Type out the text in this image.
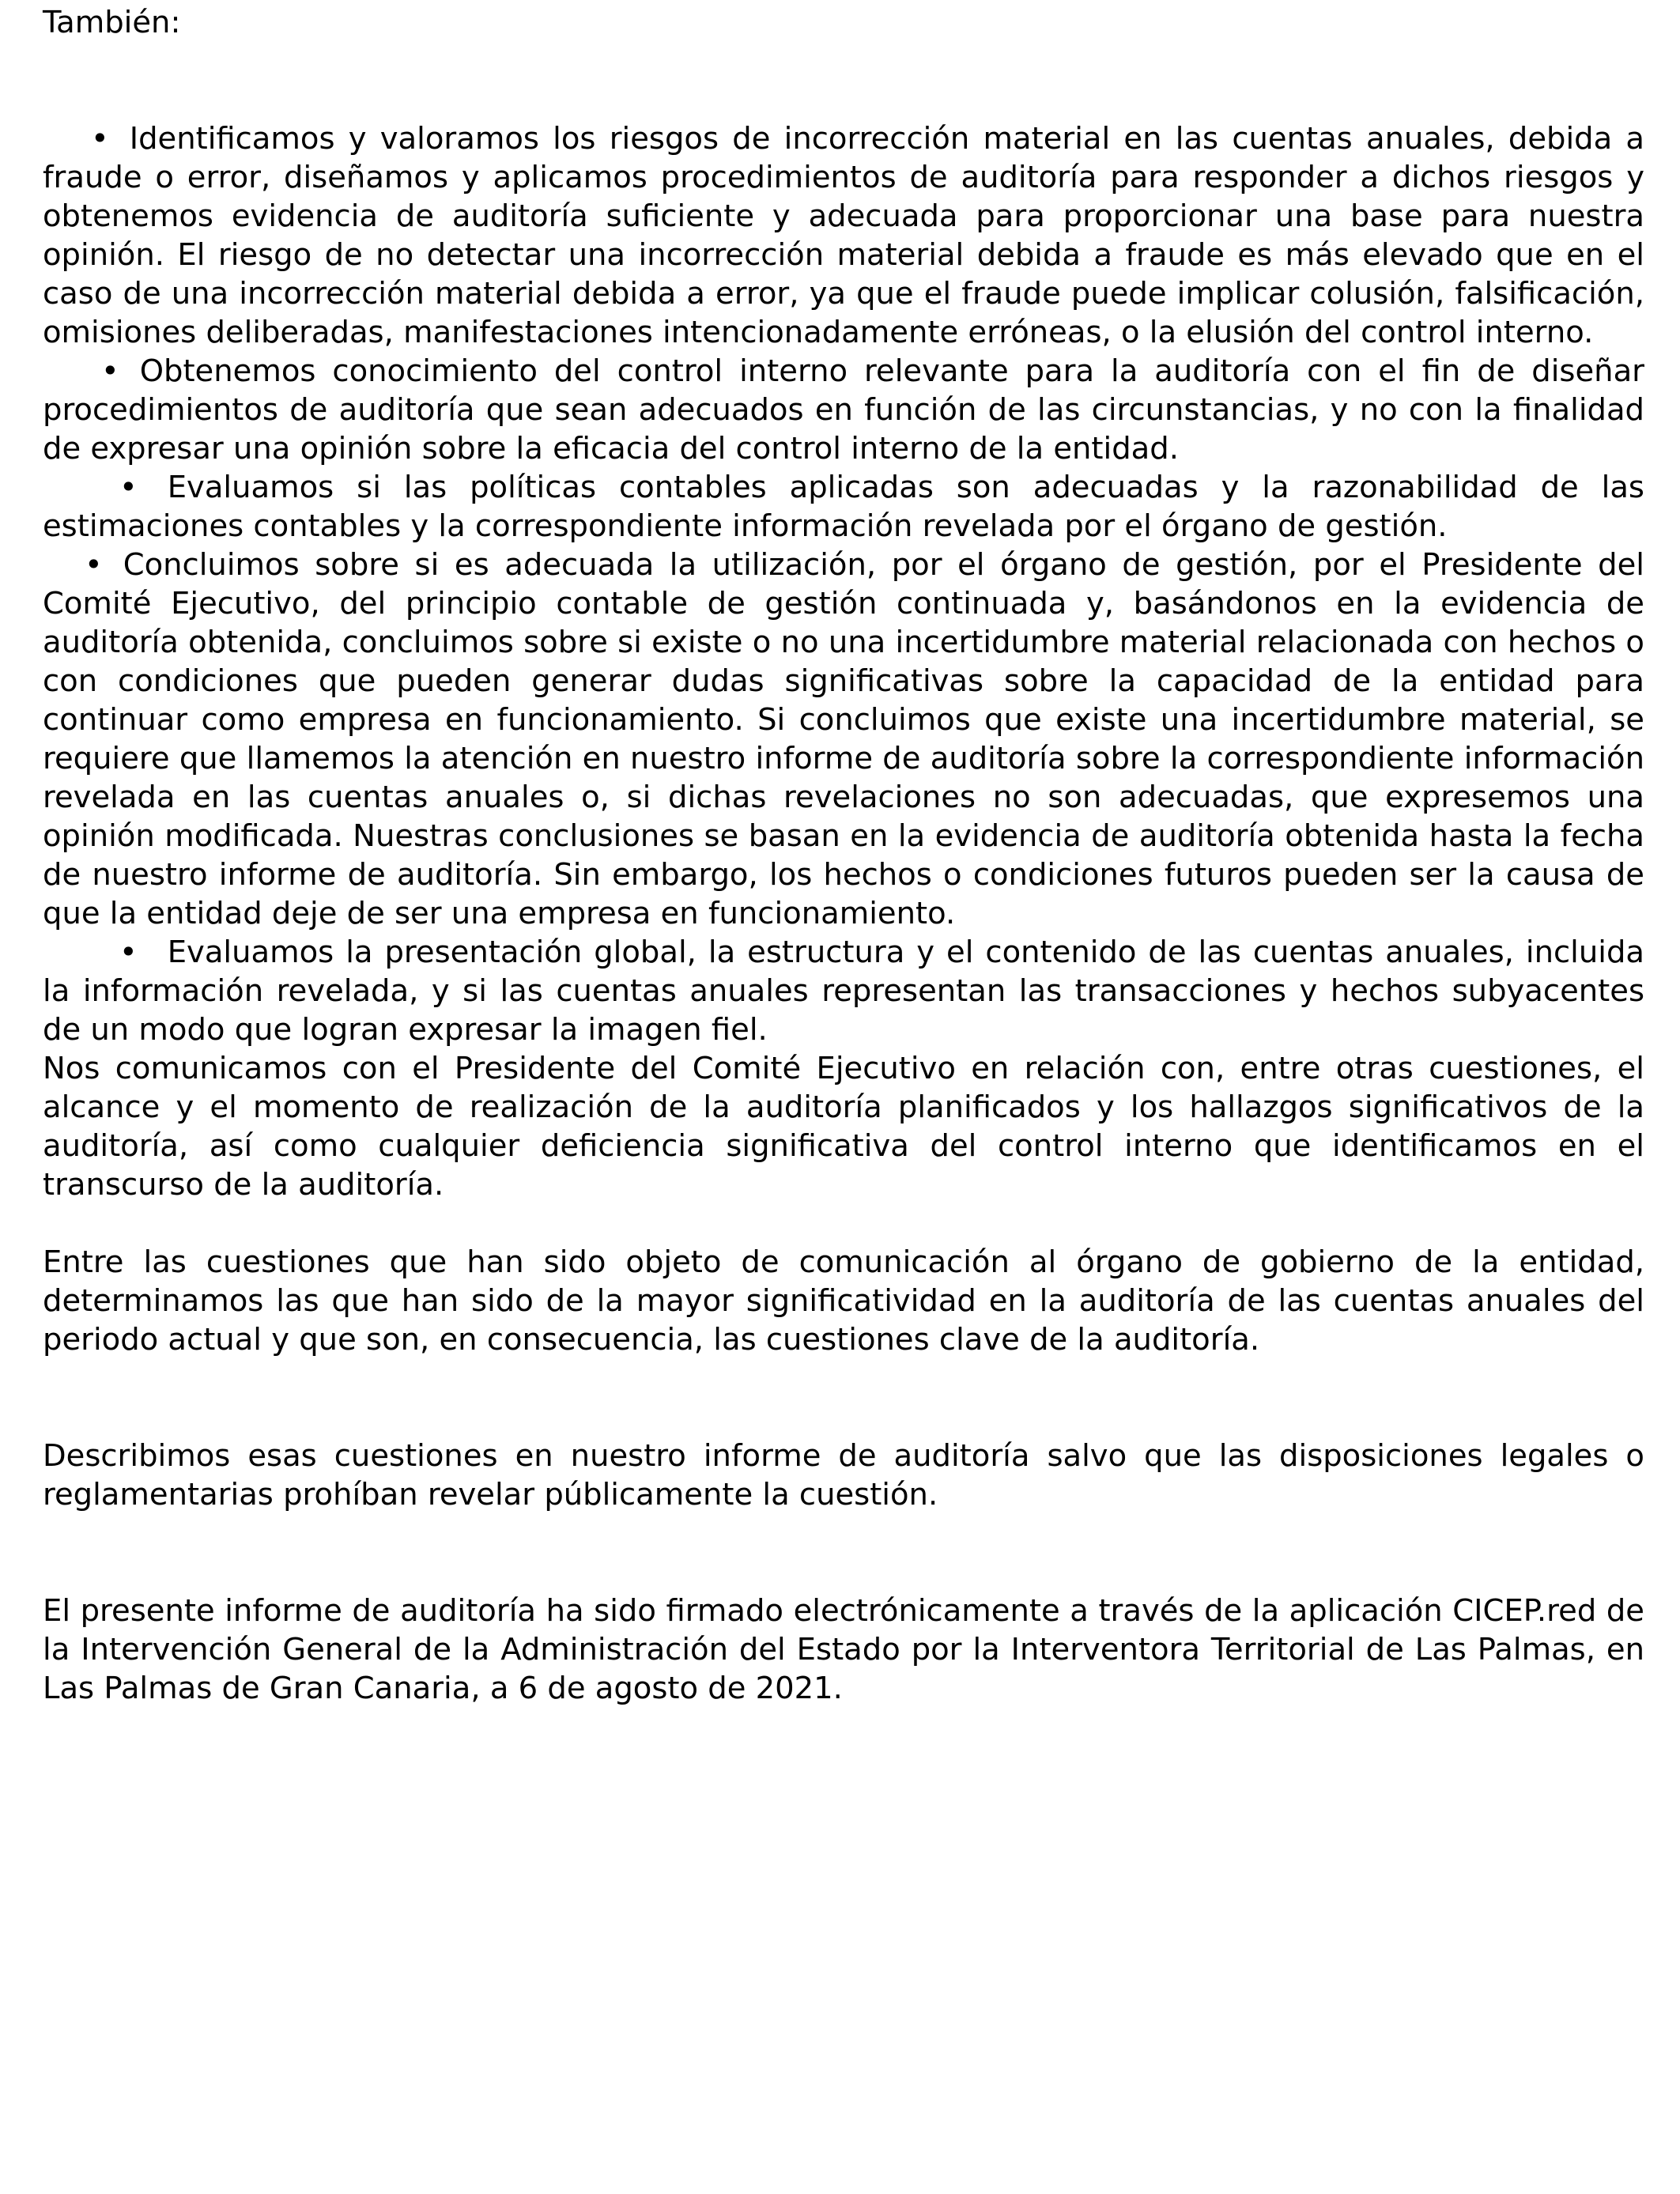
También:

• Identificamos y valoramos los riesgos de incorrección material en las cuentas anuales, debida a fraude o error, diseñamos y aplicamos procedimientos de auditoría para responder a dichos riesgos y obtenemos evidencia de auditoría suficiente y adecuada para proporcionar una base para nuestra opinión. El riesgo de no detectar una incorrección material debida a fraude es más elevado que en el caso de una incorrección material debida a error, ya que el fraude puede implicar colusión, falsificación, omisiones deliberadas, manifestaciones intencionadamente erróneas, o la elusión del control interno.

• Obtenemos conocimiento del control interno relevante para la auditoría con el fin de diseñar procedimientos de auditoría que sean adecuados en función de las circunstancias, y no con la finalidad de expresar una opinión sobre la eficacia del control interno de la entidad.

• Evaluamos si las políticas contables aplicadas son adecuadas y la razonabilidad de las estimaciones contables y la correspondiente información revelada por el órgano de gestión.

• Concluimos sobre si es adecuada la utilización, por el órgano de gestión, por el Presidente del Comité Ejecutivo, del principio contable de gestión continuada y, basándonos en la evidencia de auditoría obtenida, concluimos sobre si existe o no una incertidumbre material relacionada con hechos o con condiciones que pueden generar dudas significativas sobre la capacidad de la entidad para continuar como empresa en funcionamiento. Si concluimos que existe una incertidumbre material, se requiere que llamemos la atención en nuestro informe de auditoría sobre la correspondiente información revelada en las cuentas anuales o, si dichas revelaciones no son adecuadas, que expresemos una opinión modificada. Nuestras conclusiones se basan en la evidencia de auditoría obtenida hasta la fecha de nuestro informe de auditoría. Sin embargo, los hechos o condiciones futuros pueden ser la causa de que la entidad deje de ser una empresa en funcionamiento.

• Evaluamos la presentación global, la estructura y el contenido de las cuentas anuales, incluida la información revelada, y si las cuentas anuales representan las transacciones y hechos subyacentes de un modo que logran expresar la imagen fiel.

Nos comunicamos con el Presidente del Comité Ejecutivo en relación con, entre otras cuestiones, el alcance y el momento de realización de la auditoría planificados y los hallazgos significativos de la auditoría, así como cualquier deficiencia significativa del control interno que identificamos en el transcurso de la auditoría.

Entre las cuestiones que han sido objeto de comunicación al órgano de gobierno de la entidad, determinamos las que han sido de la mayor significatividad en la auditoría de las cuentas anuales del periodo actual y que son, en consecuencia, las cuestiones clave de la auditoría.

Describimos esas cuestiones en nuestro informe de auditoría salvo que las disposiciones legales o reglamentarias prohíban revelar públicamente la cuestión.

El presente informe de auditoría ha sido firmado electrónicamente a través de la aplicación CICEP.red de la Intervención General de la Administración del Estado por la Interventora Territorial de Las Palmas, en Las Palmas de Gran Canaria, a 6 de agosto de 2021.
